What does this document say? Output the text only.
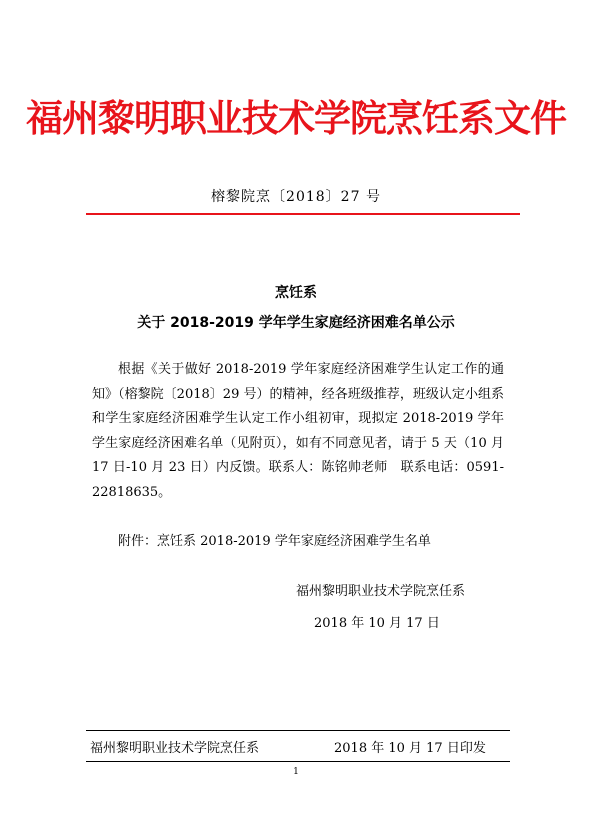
福州黎明职业技术学院烹饪系文件
榕黎院烹〔2018〕27 号
烹饪系
关于 2018-2019 学年学生家庭经济困难名单公示

根据《关于做好 2018-2019 学年家庭经济困难学生认定工作的通知》（榕黎院〔2018〕29 号）的精神，经各班级推荐，班级认定小组系和学生家庭经济困难学生认定工作小组初审，现拟定 2018-2019 学年学生家庭经济困难名单（见附页），如有不同意见者，请于 5 天（10 月 17 日-10 月 23 日）内反馈。联系人：陈铭帅老师　联系电话：0591-22818635。

附件：烹饪系 2018-2019 学年家庭经济困难学生名单
福州黎明职业技术学院烹任系
2018 年 10 月 17 日
福州黎明职业技术学院烹任系	2018 年 10 月 17 日印发
1
